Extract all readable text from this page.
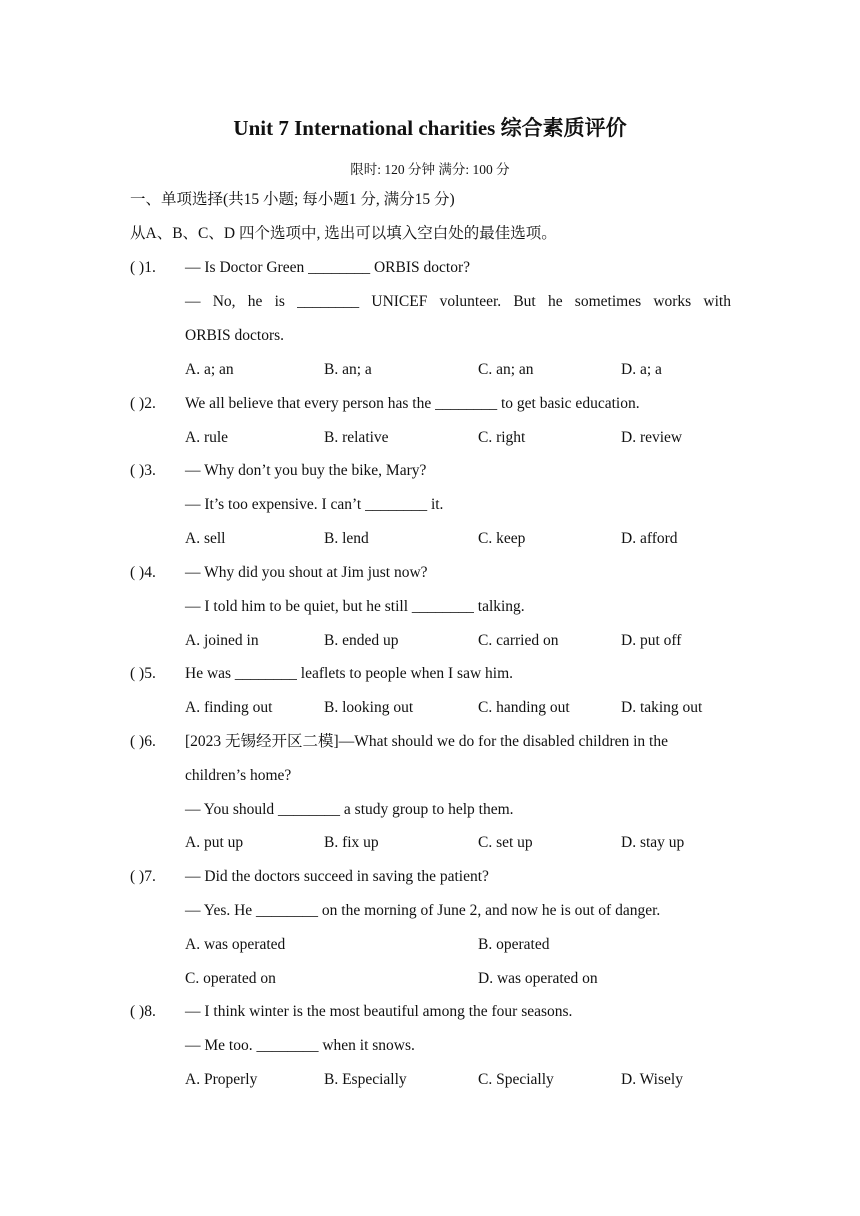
Unit 7 International charities 综合素质评价
限时: 120 分钟 满分: 100 分
一、单项选择(共15 小题; 每小题1 分, 满分15 分)
从A、B、C、D 四个选项中, 选出可以填入空白处的最佳选项。
( )1. — Is Doctor Green ________ ORBIS doctor?
— No, he is ________ UNICEF volunteer. But he sometimes works with
ORBIS doctors.
A. a; an	B. an; a	C. an; an	D. a; a
( )2. We all believe that every person has the ________ to get basic education.
A. rule	B. relative	C. right	D. review
( )3. — Why don’t you buy the bike, Mary?
— It’s too expensive. I can’t ________ it.
A. sell	B. lend	C. keep	D. afford
( )4. — Why did you shout at Jim just now?
— I told him to be quiet, but he still ________ talking.
A. joined in	B. ended up	C. carried on	D. put off
( )5. He was ________ leaflets to people when I saw him.
A. finding out	B. looking out	C. handing out	D. taking out
( )6. [2023 无锡经开区二模]—What should we do for the disabled children in the
children’s home?
— You should ________ a study group to help them.
A. put up	B. fix up	C. set up	D. stay up
( )7. — Did the doctors succeed in saving the patient?
— Yes. He ________ on the morning of June 2, and now he is out of danger.
A. was operated	B. operated
C. operated on	D. was operated on
( )8. — I think winter is the most beautiful among the four seasons.
— Me too. ________ when it snows.
A. Properly	B. Especially	C. Specially	D. Wisely
